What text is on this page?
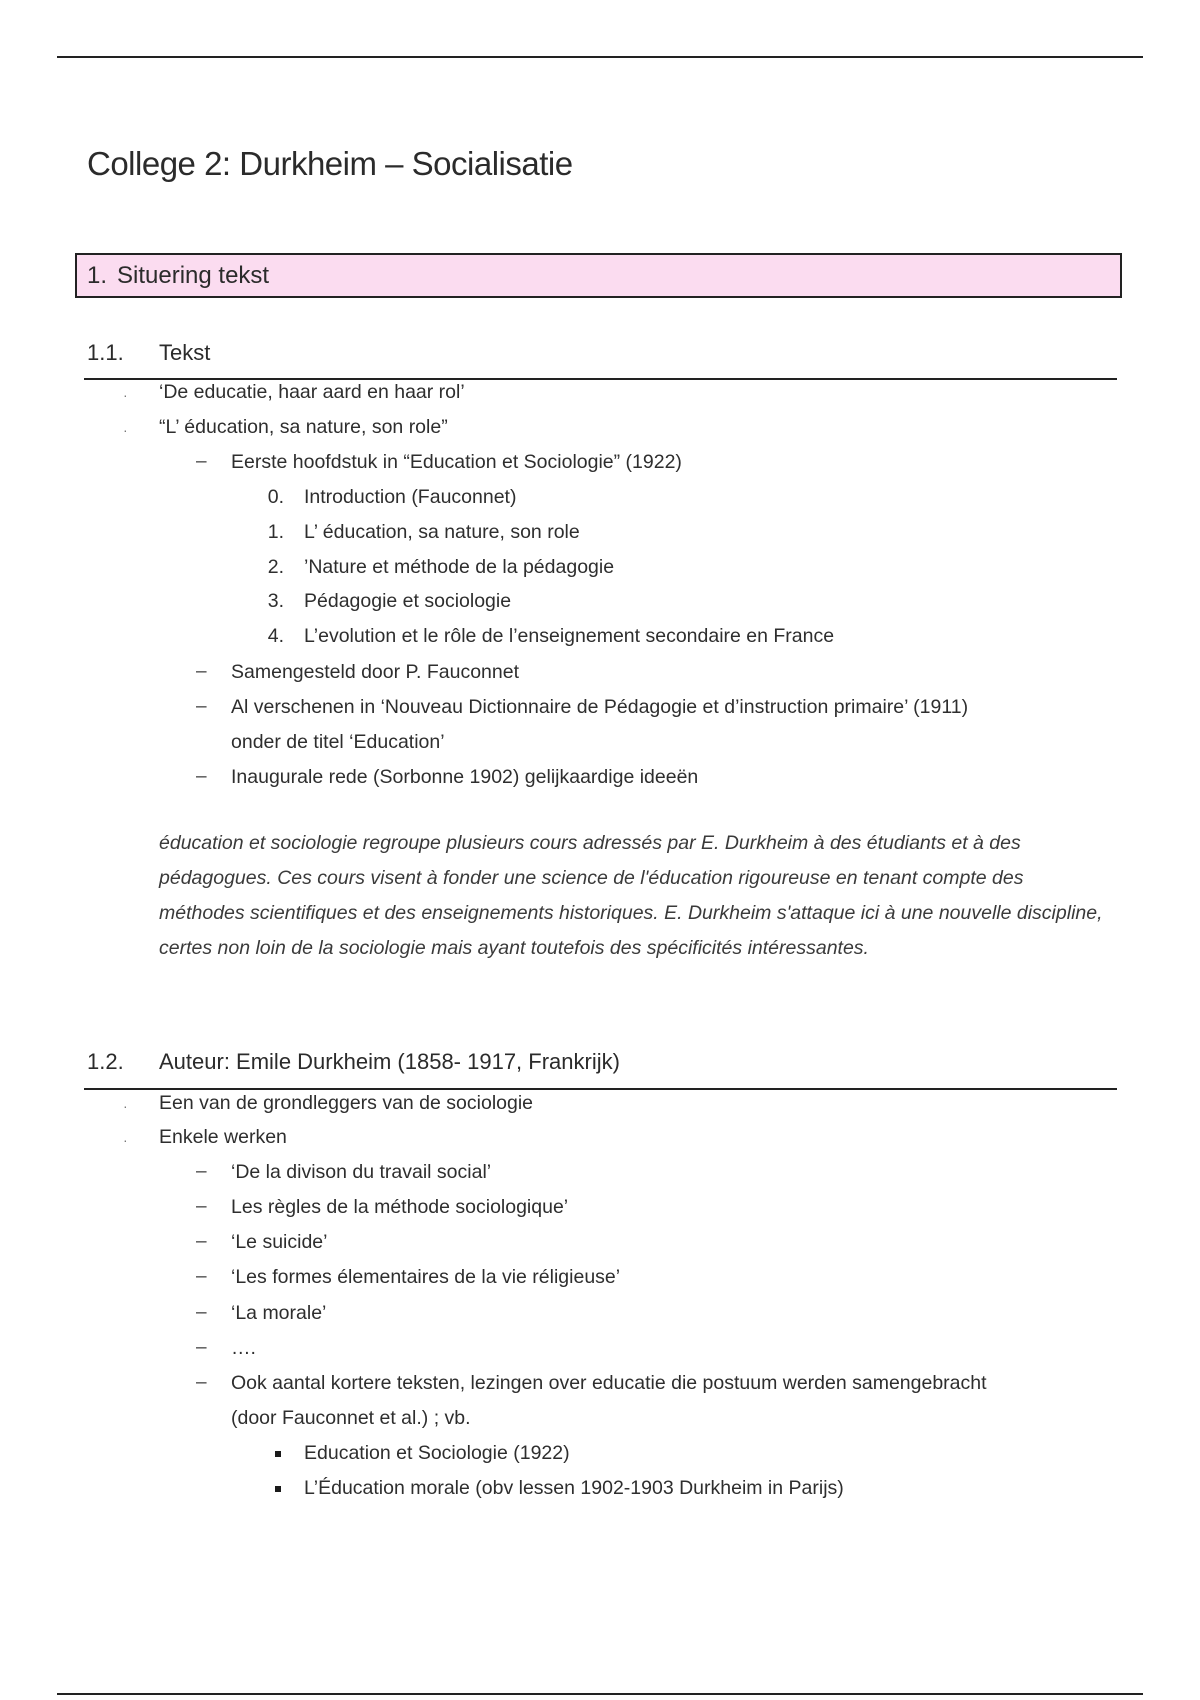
College 2: Durkheim – Socialisatie
1. Situering tekst
1.1. Tekst
· ‘De educatie, haar aard en haar rol’
· “L’ éducation, sa nature, son role”
– Eerste hoofdstuk in “Education et Sociologie” (1922)
0. Introduction (Fauconnet)
1. L’ éducation, sa nature, son role
2. ’Nature et méthode de la pédagogie
3. Pédagogie et sociologie
4. L’evolution et le rôle de l’enseignement secondaire en France
– Samengesteld door P. Fauconnet
– Al verschenen in ‘Nouveau Dictionnaire de Pédagogie et d’instruction primaire’ (1911)
onder de titel ‘Education’
– Inaugurale rede (Sorbonne 1902) gelijkaardige ideeën
éducation et sociologie regroupe plusieurs cours adressés par E. Durkheim à des étudiants et à des pédagogues. Ces cours visent à fonder une science de l'éducation rigoureuse en tenant compte des méthodes scientifiques et des enseignements historiques. E. Durkheim s'attaque ici à une nouvelle discipline, certes non loin de la sociologie mais ayant toutefois des spécificités intéressantes.
1.2. Auteur: Emile Durkheim (1858- 1917, Frankrijk)
· Een van de grondleggers van de sociologie
· Enkele werken
– ‘De la divison du travail social’
– Les règles de la méthode sociologique’
– ‘Le suicide’
– ‘Les formes élementaires de la vie réligieuse’
– ‘La morale’
– ….
– Ook aantal kortere teksten, lezingen over educatie die postuum werden samengebracht
(door Fauconnet et al.) ; vb.
Education et Sociologie (1922)
L’Éducation morale (obv lessen 1902-1903 Durkheim in Parijs)
